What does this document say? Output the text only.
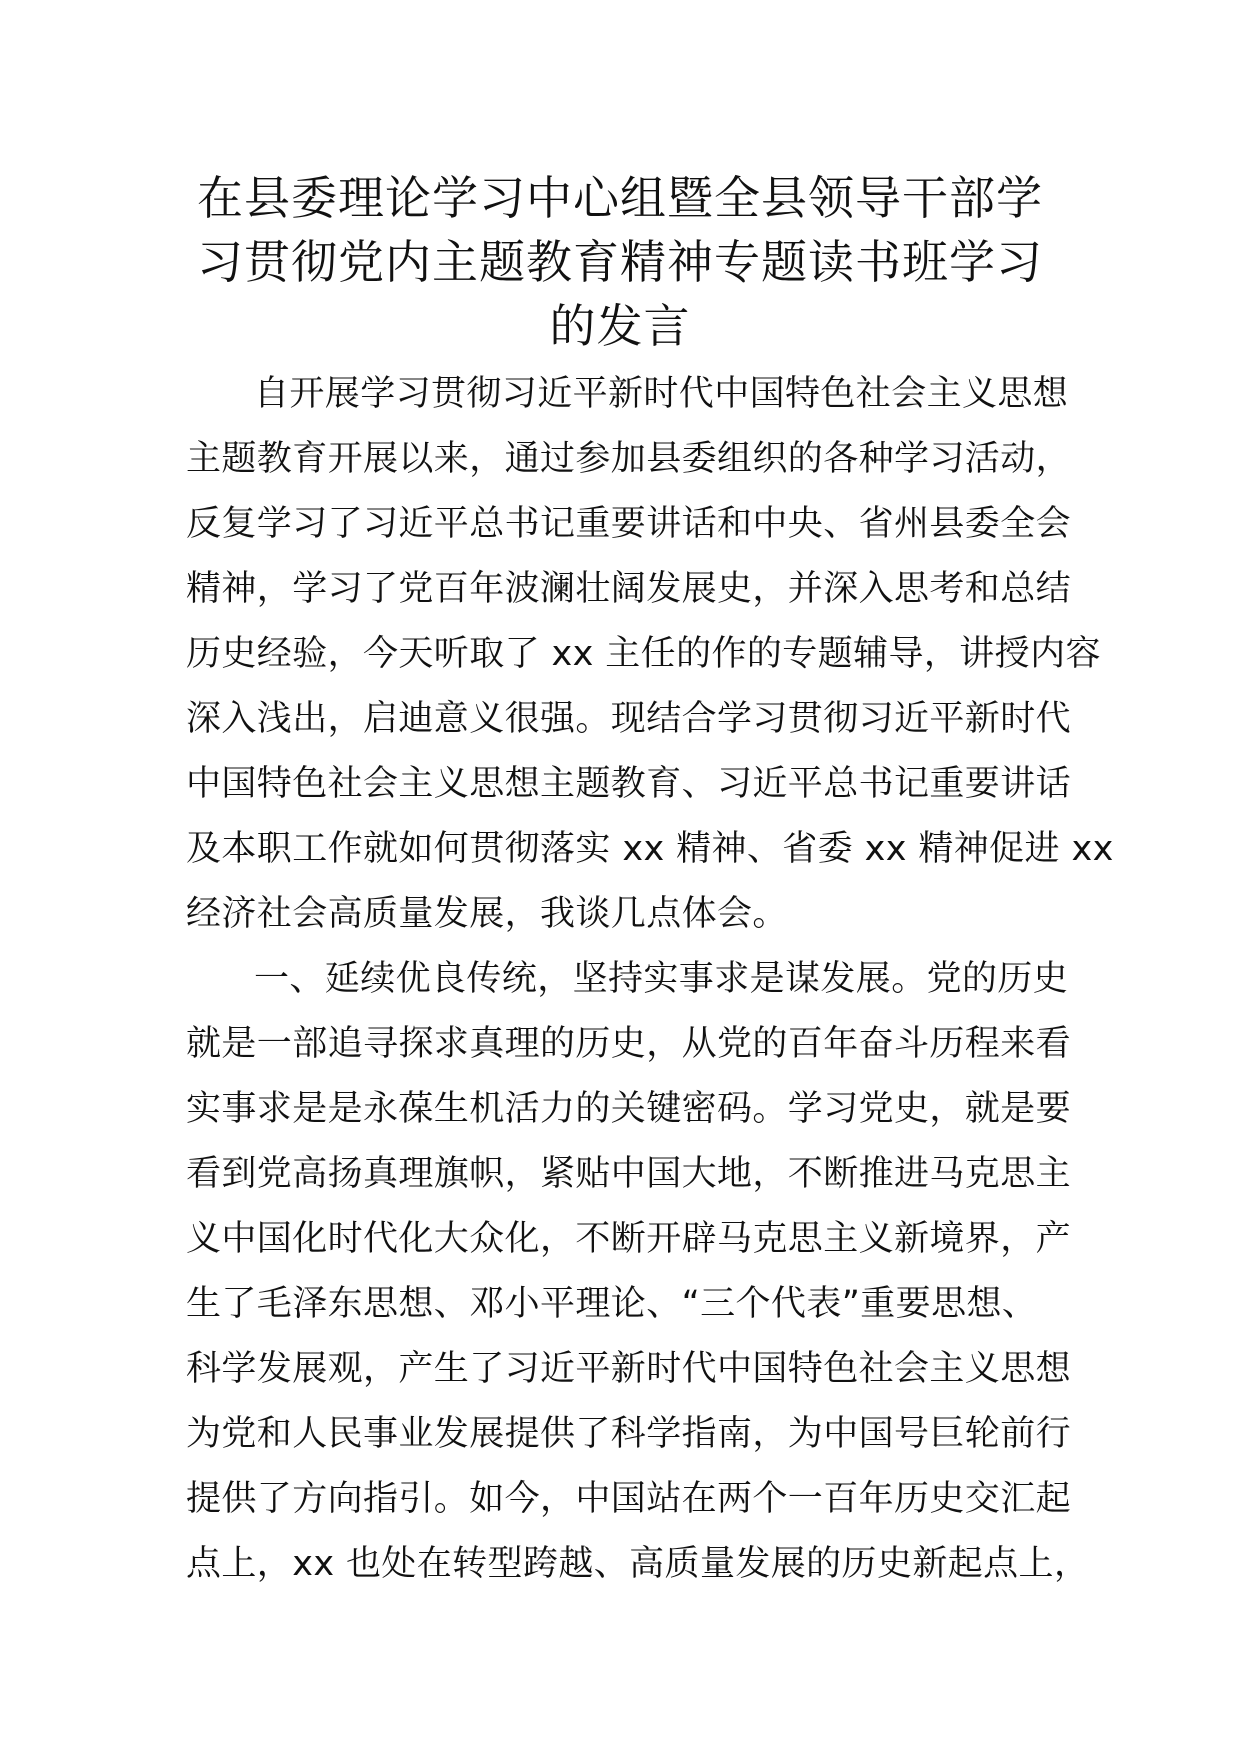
在县委理论学习中心组暨全县领导干部学
习贯彻党内主题教育精神专题读书班学习
的发言
自开展学习贯彻习近平新时代中国特色社会主义思想
主题教育开展以来，通过参加县委组织的各种学习活动，
反复学习了习近平总书记重要讲话和中央、省州县委全会
精神，学习了党百年波澜壮阔发展史，并深入思考和总结
历史经验，今天听取了 xx 主任的作的专题辅导，讲授内容
深入浅出，启迪意义很强。现结合学习贯彻习近平新时代
中国特色社会主义思想主题教育、习近平总书记重要讲话
及本职工作就如何贯彻落实 xx 精神、省委 xx 精神促进 xx
经济社会高质量发展，我谈几点体会。
一、延续优良传统，坚持实事求是谋发展。党的历史
就是一部追寻探求真理的历史，从党的百年奋斗历程来看
实事求是是永葆生机活力的关键密码。学习党史，就是要
看到党高扬真理旗帜，紧贴中国大地，不断推进马克思主
义中国化时代化大众化，不断开辟马克思主义新境界，产
生了毛泽东思想、邓小平理论、“三个代表”重要思想、
科学发展观，产生了习近平新时代中国特色社会主义思想
为党和人民事业发展提供了科学指南，为中国号巨轮前行
提供了方向指引。如今，中国站在两个一百年历史交汇起
点上，xx 也处在转型跨越、高质量发展的历史新起点上，
